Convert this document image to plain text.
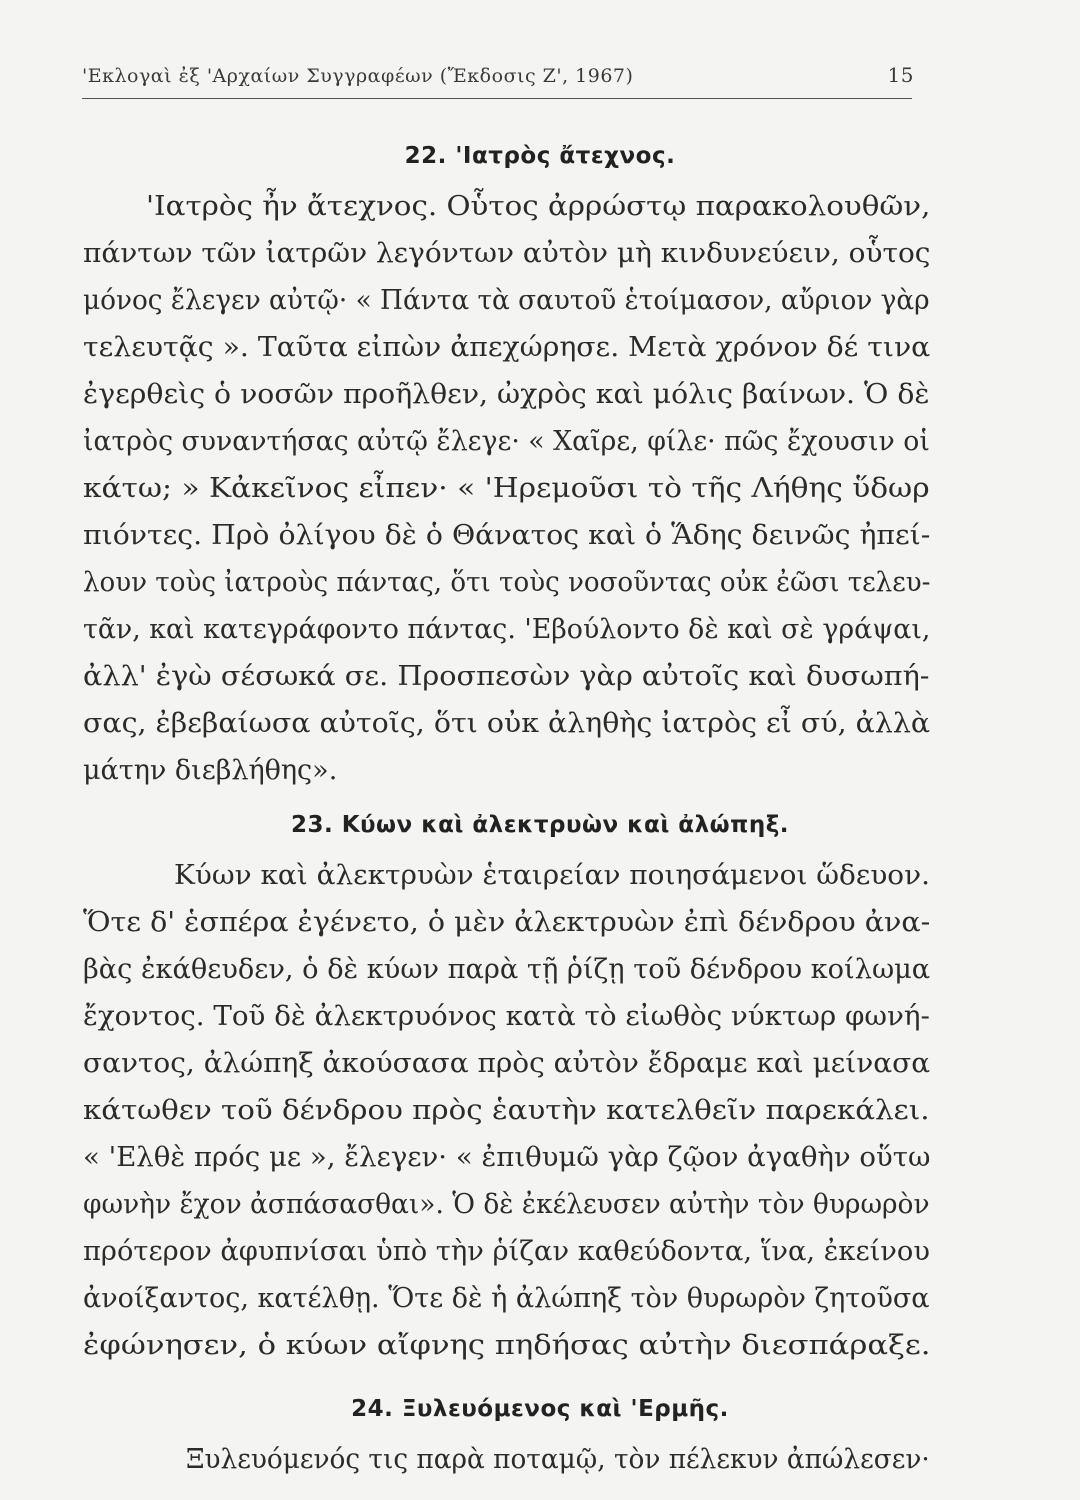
'Εκλογαὶ ἐξ 'Αρχαίων Συγγραφέων (Ἔκδοσις Ζ', 1967)	15
22. 'Ιατρὸς ἄτεχνος.
'Ιατρὸς ἦν ἄτεχνος. Οὗτος ἀρρώστῳ παρακολουθῶν,
πάντων τῶν ἰατρῶν λεγόντων αὐτὸν μὴ κινδυνεύειν, οὗτος
μόνος ἔλεγεν αὐτῷ· « Πάντα τὰ σαυτοῦ ἑτοίμασον, αὔριον γὰρ
τελευτᾷς ». Ταῦτα εἰπὼν ἀπεχώρησε. Μετὰ χρόνον δέ τινα
ἐγερθεὶς ὁ νοσῶν προῆλθεν, ὠχρὸς καὶ μόλις βαίνων. Ὁ δὲ
ἰατρὸς συναντήσας αὐτῷ ἔλεγε· « Χαῖρε, φίλε· πῶς ἔχουσιν οἱ
κάτω; » Κἀκεῖνος εἶπεν· « 'Ηρεμοῦσι τὸ τῆς Λήθης ὕδωρ
πιόντες. Πρὸ ὀλίγου δὲ ὁ Θάνατος καὶ ὁ Ἅδης δεινῶς ἠπεί-
λουν τοὺς ἰατροὺς πάντας, ὅτι τοὺς νοσοῦντας οὐκ ἐῶσι τελευ-
τᾶν, καὶ κατεγράφοντο πάντας. 'Εβούλοντο δὲ καὶ σὲ γράψαι,
ἀλλ' ἐγὼ σέσωκά σε. Προσπεσὼν γὰρ αὐτοῖς καὶ δυσωπή-
σας, ἐβεβαίωσα αὐτοῖς, ὅτι οὐκ ἀληθὴς ἰατρὸς εἶ σύ, ἀλλὰ
μάτην διεβλήθης».
23. Κύων καὶ ἀλεκτρυὼν καὶ ἀλώπηξ.
Κύων καὶ ἀλεκτρυὼν ἑταιρείαν ποιησάμενοι ὥδευον.
Ὅτε δ' ἑσπέρα ἐγένετο, ὁ μὲν ἀλεκτρυὼν ἐπὶ δένδρου ἀνα-
βὰς ἐκάθευδεν, ὁ δὲ κύων παρὰ τῇ ῥίζῃ τοῦ δένδρου κοίλωμα
ἔχοντος. Τοῦ δὲ ἀλεκτρυόνος κατὰ τὸ εἰωθὸς νύκτωρ φωνή-
σαντος, ἀλώπηξ ἀκούσασα πρὸς αὐτὸν ἔδραμε καὶ μείνασα
κάτωθεν τοῦ δένδρου πρὸς ἑαυτὴν κατελθεῖν παρεκάλει.
« 'Ελθὲ πρός με », ἔλεγεν· « ἐπιθυμῶ γὰρ ζῷον ἀγαθὴν οὕτω
φωνὴν ἔχον ἀσπάσασθαι». Ὁ δὲ ἐκέλευσεν αὐτὴν τὸν θυρωρὸν
πρότερον ἀφυπνίσαι ὑπὸ τὴν ῥίζαν καθεύδοντα, ἵνα, ἐκείνου
ἀνοίξαντος, κατέλθῃ. Ὅτε δὲ ἡ ἀλώπηξ τὸν θυρωρὸν ζητοῦσα
ἐφώνησεν, ὁ κύων αἴφνης πηδήσας αὐτὴν διεσπάραξε.
24. Ξυλευόμενος καὶ 'Ερμῆς.
Ξυλευόμενός τις παρὰ ποταμῷ, τὸν πέλεκυν ἀπώλεσεν·
